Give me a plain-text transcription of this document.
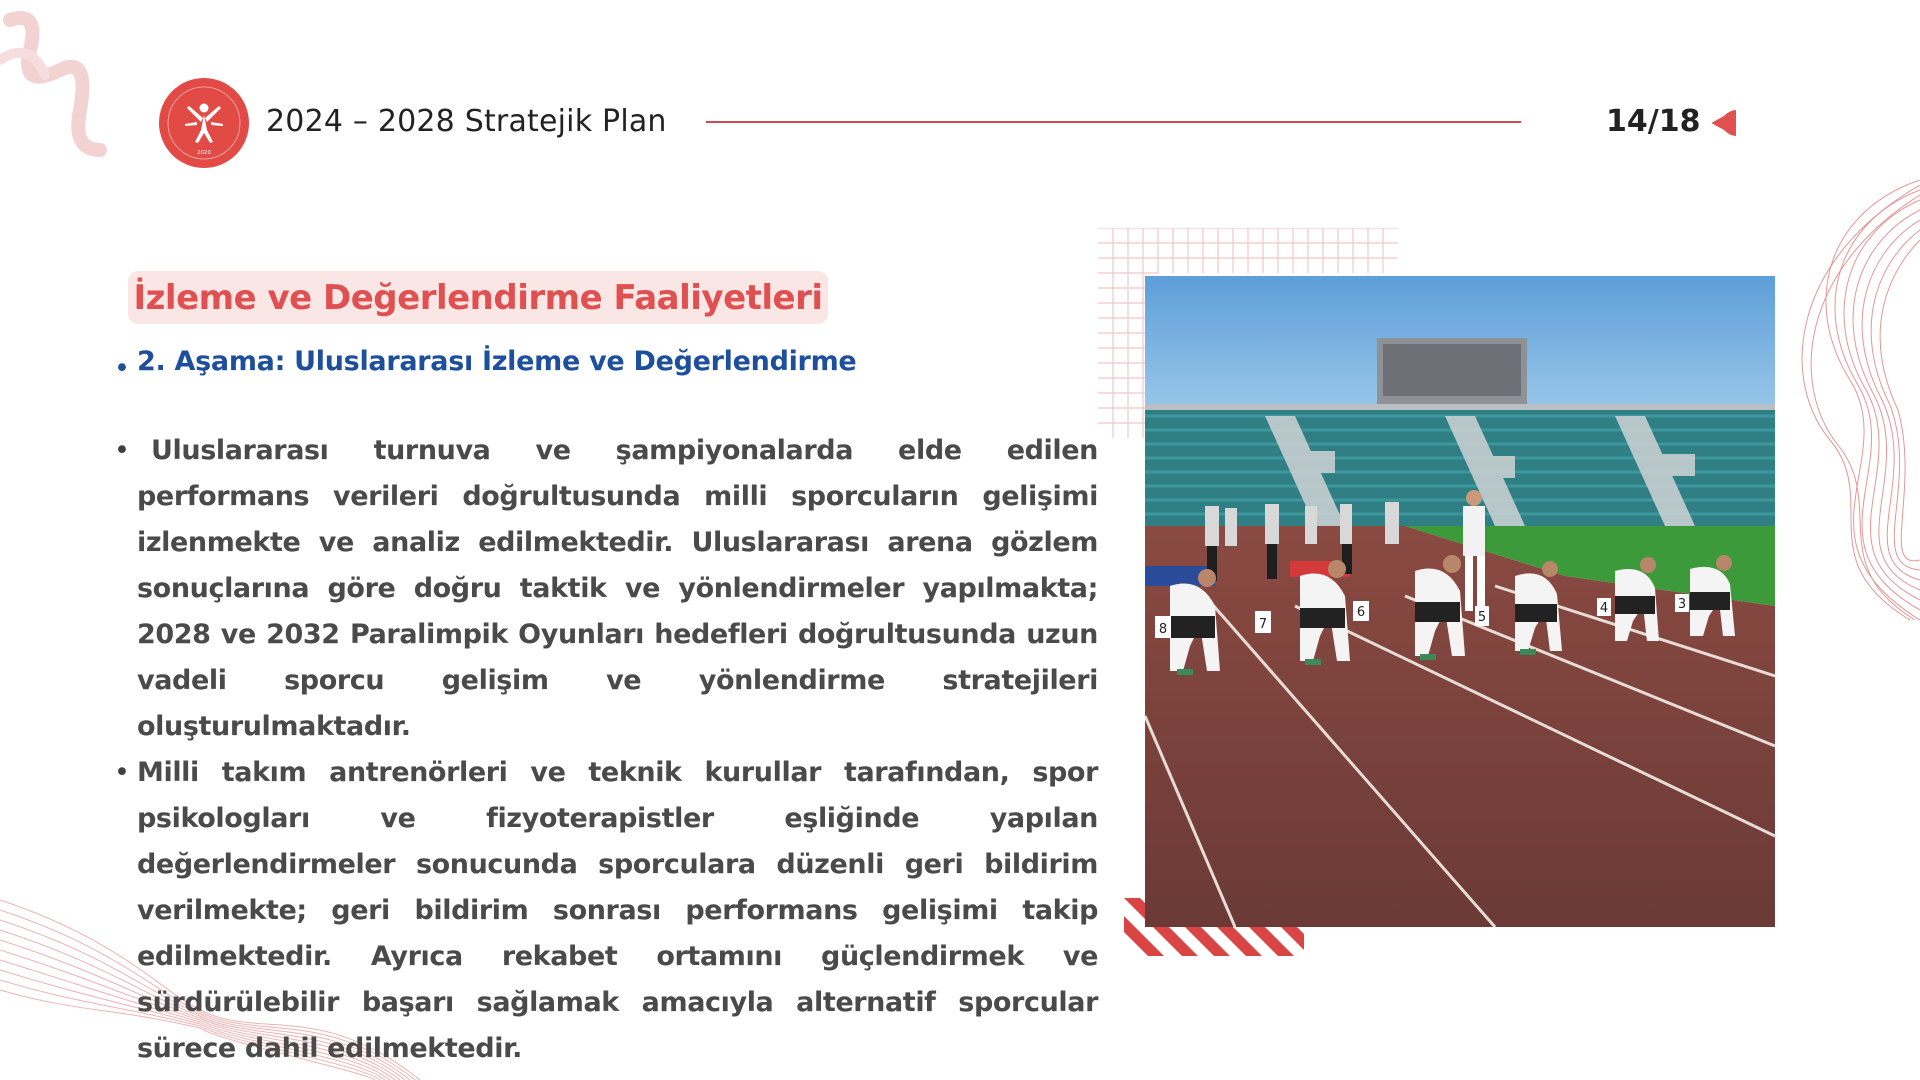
2020
2024 – 2028 Stratejik Plan	14/18
İzleme ve Değerlendirme Faaliyetleri
• 2. Aşama: Uluslararası İzleme ve Değerlendirme
• Uluslararası turnuva ve şampiyonalarda elde edilen performans verileri doğrultusunda milli sporcuların gelişimi izlenmekte ve analiz edilmektedir. Uluslararası arena gözlem sonuçlarına göre doğru taktik ve yönlendirmeler yapılmakta; 2028 ve 2032 Paralimpik Oyunları hedefleri doğrultusunda uzun vadeli sporcu gelişim ve yönlendirme stratejileri oluşturulmaktadır.

• Milli takım antrenörleri ve teknik kurullar tarafından, spor psikologları ve fizyoterapistler eşliğinde yapılan değerlendirmeler sonucunda sporculara düzenli geri bildirim verilmekte; geri bildirim sonrası performans gelişimi takip edilmektedir. Ayrıca rekabet ortamını güçlendirmek ve sürdürülebilir başarı sağlamak amacıyla alternatif sporcular sürece dahil edilmektedir.

8	7
6	5
4	3
